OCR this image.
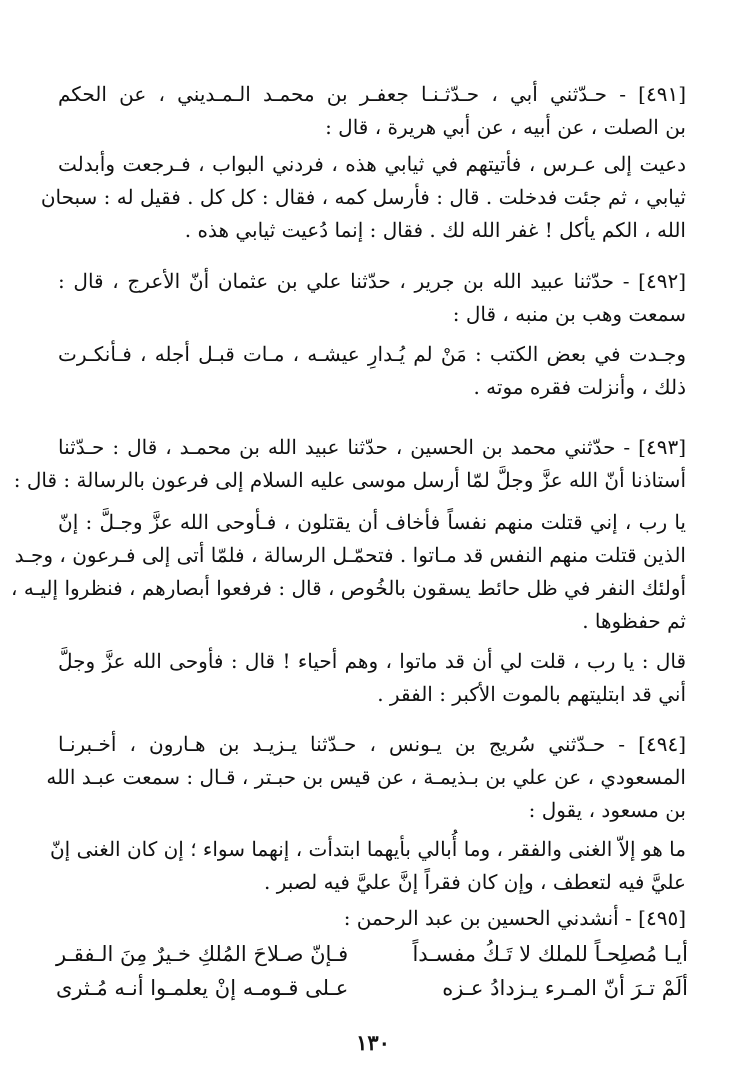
[٤٩١] - حـدّثني أبي ، حـدّثـنـا جعفـر بن محمـد الـمـديني ، عن الحكم
بن الصلت ، عن أبيه ، عن أبي هريرة ، قال :
دعيت إلى عـرس ، فأتيتهم في ثيابي هذه ، فردني البواب ، فـرجعت وأبدلت
ثيابي ، ثم جئت فدخلت . قال : فأرسل كمه ، فقال : كل كل . فقيل له : سبحان
الله ، الكم يأكل ! غفر الله لك . فقال : إنما دُعيت ثيابي هذه .
[٤٩٢] - حدّثنا عبيد الله بن جرير ، حدّثنا علي بن عثمان أنّ الأعرج ، قال :
سمعت وهب بن منبه ، قال :
وجـدت في بعض الكتب : مَنْ لم يُـدارِ عيشـه ، مـات قبـل أجله ، فـأنكـرت
ذلك ، وأنزلت فقره موته .
[٤٩٣] - حدّثني محمد بن الحسين ، حدّثنا عبيد الله بن محمـد ، قال : حـدّثنا
أستاذنا أنّ الله عزَّ وجلَّ لمّا أرسل موسى عليه السلام إلى فرعون بالرسالة : قال :
يا رب ، إني قتلت منهم نفساً فأخاف أن يقتلون ، فـأوحى الله عزَّ وجـلَّ : إنّ
الذين قتلت منهم النفس قد مـاتوا . فتحمّـل الرسالة ، فلمّا أتى إلى فـرعون ، وجـد
أولئك النفر في ظل حائط يسقون بالخُوص ، قال : فرفعوا أبصارهم ، فنظروا إليـه ،
ثم حفظوها .
قال : يا رب ، قلت لي أن قد ماتوا ، وهم أحياء ! قال : فأوحى الله عزَّ وجلَّ
أني قد ابتليتهم بالموت الأكبر : الفقر .
[٤٩٤] - حـدّثني سُريج بن يـونس ، حـدّثنا يـزيـد بن هـارون ، أخـبرنـا
المسعودي ، عن علي بن بـذيمـة ، عن قيس بن حبـتر ، قـال : سمعت عبـد الله
بن مسعود ، يقول :
ما هو إلاّ الغنى والفقر ، وما أُبالي بأيهما ابتدأت ، إنهما سواء ؛ إن كان الغنى إنّ
عليَّ فيه لتعطف ، وإن كان فقراً إنَّ عليَّ فيه لصبر .
[٤٩٥] - أنشدني الحسين بن عبد الرحمن :
أيـا مُصلِحـاً للملك لا تَـكُ مفسـداً
فـإنّ صـلاحَ المُلكِ خـيرٌ مِنَ الـفقـر
ألَمْ تـرَ أنّ المـرء يـزدادُ عـزه
عـلى قـومـه إنْ يعلمـوا أنـه مُـثرى
١٣٠
